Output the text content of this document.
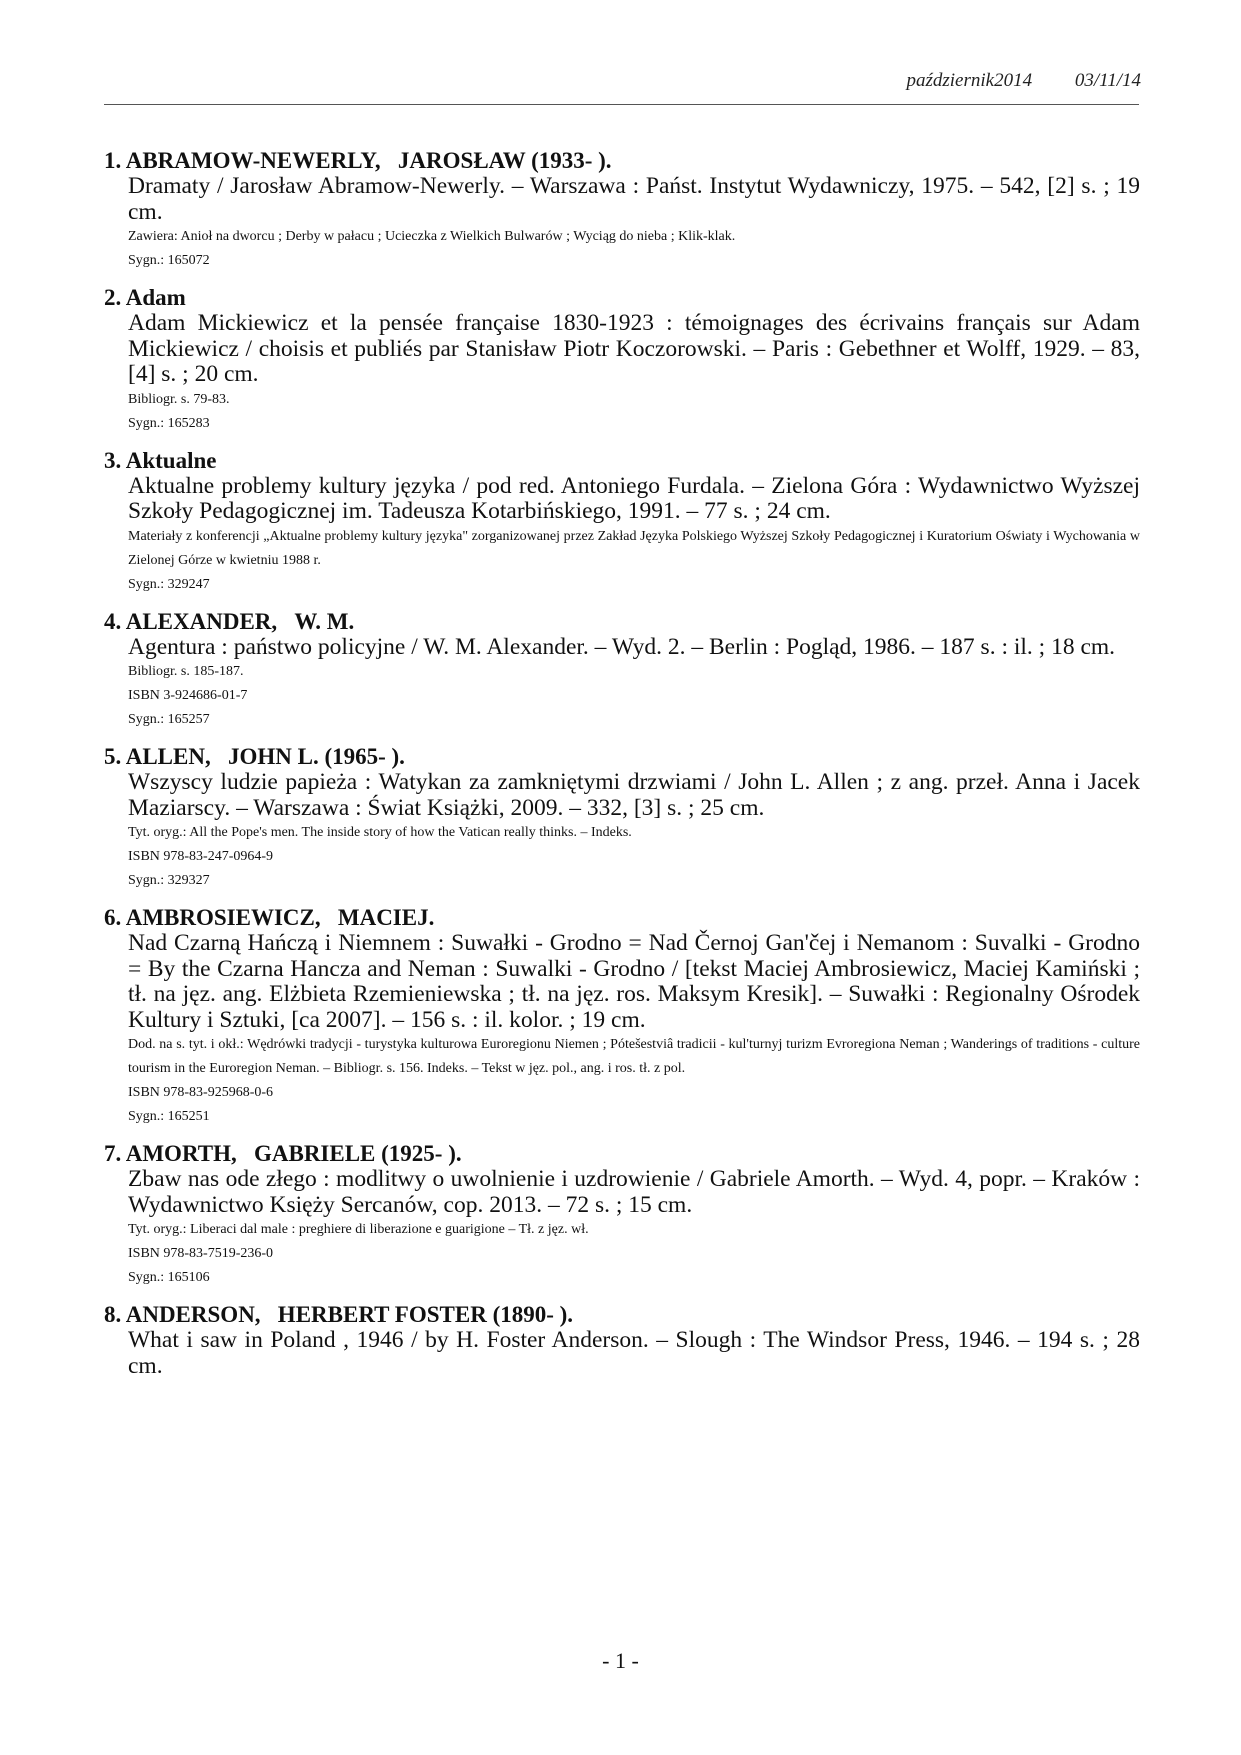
październik2014 03/11/14
1. ABRAMOW-NEWERLY,   JAROSŁAW (1933- ).
Dramaty / Jarosław Abramow-Newerly. – Warszawa : Państ. Instytut Wydawniczy, 1975. – 542, [2] s. ; 19 cm.
Zawiera: Anioł na dworcu ; Derby w pałacu ; Ucieczka z Wielkich Bulwarów ; Wyciąg do nieba ; Klik-klak.
Sygn.: 165072
2. Adam
Adam Mickiewicz et la pensée française 1830-1923 : témoignages des écrivains français sur Adam Mickiewicz / choisis et publiés par Stanisław Piotr Koczorowski. – Paris : Gebethner et Wolff, 1929. – 83, [4] s. ; 20 cm.
Bibliogr. s. 79-83.
Sygn.: 165283
3. Aktualne
Aktualne problemy kultury języka / pod red. Antoniego Furdala. – Zielona Góra : Wydawnictwo Wyższej Szkoły Pedagogicznej im. Tadeusza Kotarbińskiego, 1991. – 77 s. ; 24 cm.
Materiały z konferencji „Aktualne problemy kultury języka" zorganizowanej przez Zakład Języka Polskiego Wyższej Szkoły Pedagogicznej i Kuratorium Oświaty i Wychowania w Zielonej Górze w kwietniu 1988 r.
Sygn.: 329247
4. ALEXANDER,   W. M.
Agentura : państwo policyjne / W. M. Alexander. – Wyd. 2. – Berlin : Pogląd, 1986. – 187 s. : il. ; 18 cm.
Bibliogr. s. 185-187.
ISBN 3-924686-01-7
Sygn.: 165257
5. ALLEN,   JOHN L. (1965- ).
Wszyscy ludzie papieża : Watykan za zamkniętymi drzwiami / John L. Allen ; z ang. przeł. Anna i Jacek Maziarscy. – Warszawa : Świat Książki, 2009. – 332, [3] s. ; 25 cm.
Tyt. oryg.: All the Pope's men. The inside story of how the Vatican really thinks. – Indeks.
ISBN 978-83-247-0964-9
Sygn.: 329327
6. AMBROSIEWICZ,   MACIEJ.
Nad Czarną Hańczą i Niemnem : Suwałki - Grodno = Nad Černoj Gan'čej i Nemanom : Suvalki - Grodno = By the Czarna Hancza and Neman : Suwalki - Grodno / [tekst Maciej Ambrosiewicz, Maciej Kamiński ; tł. na jęz. ang. Elżbieta Rzemieniewska ; tł. na jęz. ros. Maksym Kresik]. – Suwałki : Regionalny Ośrodek Kultury i Sztuki, [ca 2007]. – 156 s. : il. kolor. ; 19 cm.
Dod. na s. tyt. i okł.: Wędrówki tradycji - turystyka kulturowa Euroregionu Niemen ; Pótešestviâ tradicii - kul'turnyj turizm Evroregiona Neman ; Wanderings of traditions - culture tourism in the Euroregion Neman. – Bibliogr. s. 156. Indeks. – Tekst w jęz. pol., ang. i ros. tł. z pol.
ISBN 978-83-925968-0-6
Sygn.: 165251
7. AMORTH,   GABRIELE (1925- ).
Zbaw nas ode złego : modlitwy o uwolnienie i uzdrowienie / Gabriele Amorth. – Wyd. 4, popr. – Kraków : Wydawnictwo Księży Sercanów, cop. 2013. – 72 s. ; 15 cm.
Tyt. oryg.: Liberaci dal male : preghiere di liberazione e guarigione – Tł. z jęz. wł.
ISBN 978-83-7519-236-0
Sygn.: 165106
8. ANDERSON,   HERBERT FOSTER (1890- ).
What i saw in Poland , 1946 / by H. Foster Anderson. – Slough : The Windsor Press, 1946. – 194 s. ; 28 cm.
- 1 -
